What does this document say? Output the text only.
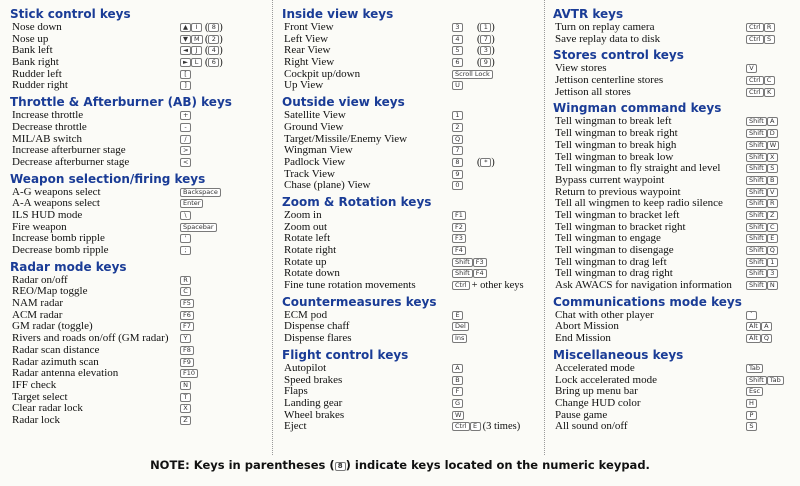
Stick control keys
Nose down	▲ I ( 8 )
Nose up	▼ M ( 2 )
Bank left	◄ J ( 4 )
Bank right	► L ( 6 )
Rudder left	[
Rudder right	]
Throttle & Afterburner (AB) keys
Increase throttle	+
Decrease throttle	-
MIL/AB switch	/
Increase afterburner stage	>
Decrease afterburner stage	<
Weapon selection/firing keys
A-G weapons select	Backspace
A-A weapons select	Enter
ILS HUD mode	\
Fire weapon	Spacebar
Increase bomb ripple	'
Decrease bomb ripple	;
Radar mode keys
Radar on/off	R
REO/Map toggle	C
NAM radar	F5
ACM radar	F6
GM radar (toggle)	F7
Rivers and roads on/off (GM radar)	Y
Radar scan distance	F8
Radar azimuth scan	F9
Radar antenna elevation	F10
IFF check	N
Target select	T
Clear radar lock	X
Radar lock	Z
Inside view keys
Front View	3	( 1 )
Left View	4	( 7 )
Rear View	5	( 3 )
Right View	6	( 9 )
Cockpit up/down	Scroll Lock
Up View	U
Outside view keys
Satellite View	1
Ground View	2
Target/Missile/Enemy View	Q
Wingman View	7
Padlock View	8	( * )
Track View	9
Chase (plane) View	0
Zoom & Rotation keys
Zoom in	F1
Zoom out	F2
Rotate left	F3
Rotate right	F4
Rotate up	Shift F3
Rotate down	Shift F4
Fine tune rotation movements	Ctrl + other keys
Countermeasures keys
ECM pod	E
Dispense chaff	Del
Dispense flares	Ins
Flight control keys
Autopilot	A
Speed brakes	B
Flaps	F
Landing gear	G
Wheel brakes	W
Eject	Ctrl E (3 times)
AVTR keys
Turn on replay camera	Ctrl R
Save replay data to disk	Ctrl S
Stores control keys
View stores	V
Jettison centerline stores	Ctrl C
Jettison all stores	Ctrl K
Wingman command keys
Tell wingman to break left	Shift A
Tell wingman to break right	Shift D
Tell wingman to break high	Shift W
Tell wingman to break low	Shift X
Tell wingman to fly straight and level	Shift S
Bypass current waypoint	Shift B
Return to previous waypoint	Shift V
Tell all wingmen to keep radio silence	Shift R
Tell wingman to bracket left	Shift Z
Tell wingman to bracket right	Shift C
Tell wingman to engage	Shift E
Tell wingman to disengage	Shift Q
Tell wingman to drag left	Shift 1
Tell wingman to drag right	Shift 3
Ask AWACS for navigation information	Shift N
Communications mode keys
Chat with other player	`
Abort Mission	Alt A
End Mission	Alt Q
Miscellaneous keys
Accelerated mode	Tab
Lock accelerated mode	Shift Tab
Bring up menu bar	Esc
Change HUD color	H
Pause game	P
All sound on/off	S
NOTE: Keys in parentheses ( 8 ) indicate keys located on the numeric keypad.
